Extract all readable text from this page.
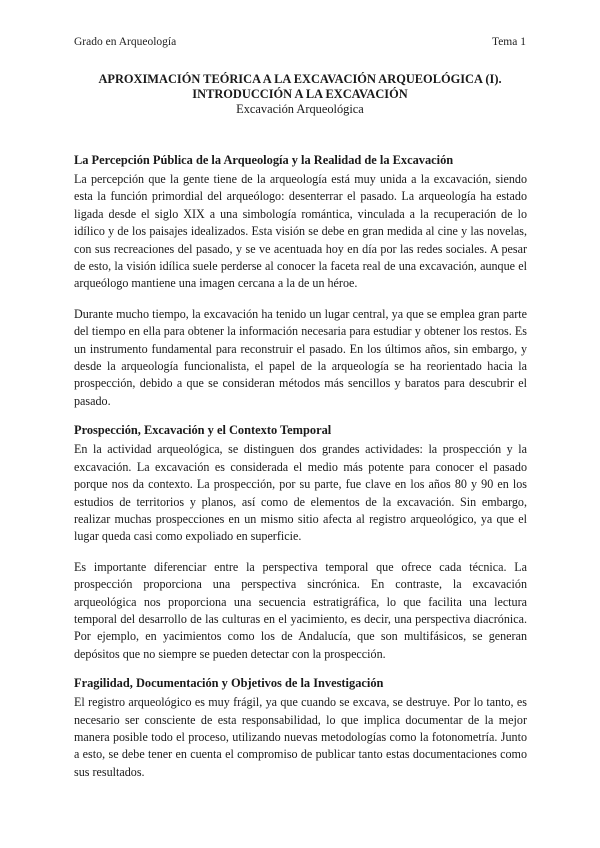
Grado en Arqueología	Tema 1

APROXIMACIÓN TEÓRICA A LA EXCAVACIÓN ARQUEOLÓGICA (I).

INTRODUCCIÓN A LA EXCAVACIÓN

Excavación Arqueológica

La Percepción Pública de la Arqueología y la Realidad de la Excavación

La percepción que la gente tiene de la arqueología está muy unida a la excavación, siendo esta la función primordial del arqueólogo: desenterrar el pasado. La arqueología ha estado ligada desde el siglo XIX a una simbología romántica, vinculada a la recuperación de lo idílico y de los paisajes idealizados. Esta visión se debe en gran medida al cine y las novelas, con sus recreaciones del pasado, y se ve acentuada hoy en día por las redes sociales. A pesar de esto, la visión idílica suele perderse al conocer la faceta real de una excavación, aunque el arqueólogo mantiene una imagen cercana a la de un héroe.

Durante mucho tiempo, la excavación ha tenido un lugar central, ya que se emplea gran parte del tiempo en ella para obtener la información necesaria para estudiar y obtener los restos. Es un instrumento fundamental para reconstruir el pasado. En los últimos años, sin embargo, y desde la arqueología funcionalista, el papel de la arqueología se ha reorientado hacia la prospección, debido a que se consideran métodos más sencillos y baratos para descubrir el pasado.

Prospección, Excavación y el Contexto Temporal

En la actividad arqueológica, se distinguen dos grandes actividades: la prospección y la excavación. La excavación es considerada el medio más potente para conocer el pasado porque nos da contexto. La prospección, por su parte, fue clave en los años 80 y 90 en los estudios de territorios y planos, así como de elementos de la excavación. Sin embargo, realizar muchas prospecciones en un mismo sitio afecta al registro arqueológico, ya que el lugar queda casi como expoliado en superficie.

Es importante diferenciar entre la perspectiva temporal que ofrece cada técnica. La prospección proporciona una perspectiva sincrónica. En contraste, la excavación arqueológica nos proporciona una secuencia estratigráfica, lo que facilita una lectura temporal del desarrollo de las culturas en el yacimiento, es decir, una perspectiva diacrónica. Por ejemplo, en yacimientos como los de Andalucía, que son multifásicos, se generan depósitos que no siempre se pueden detectar con la prospección.

Fragilidad, Documentación y Objetivos de la Investigación

El registro arqueológico es muy frágil, ya que cuando se excava, se destruye. Por lo tanto, es necesario ser consciente de esta responsabilidad, lo que implica documentar de la mejor manera posible todo el proceso, utilizando nuevas metodologías como la fotonometría. Junto a esto, se debe tener en cuenta el compromiso de publicar tanto estas documentaciones como sus resultados.
